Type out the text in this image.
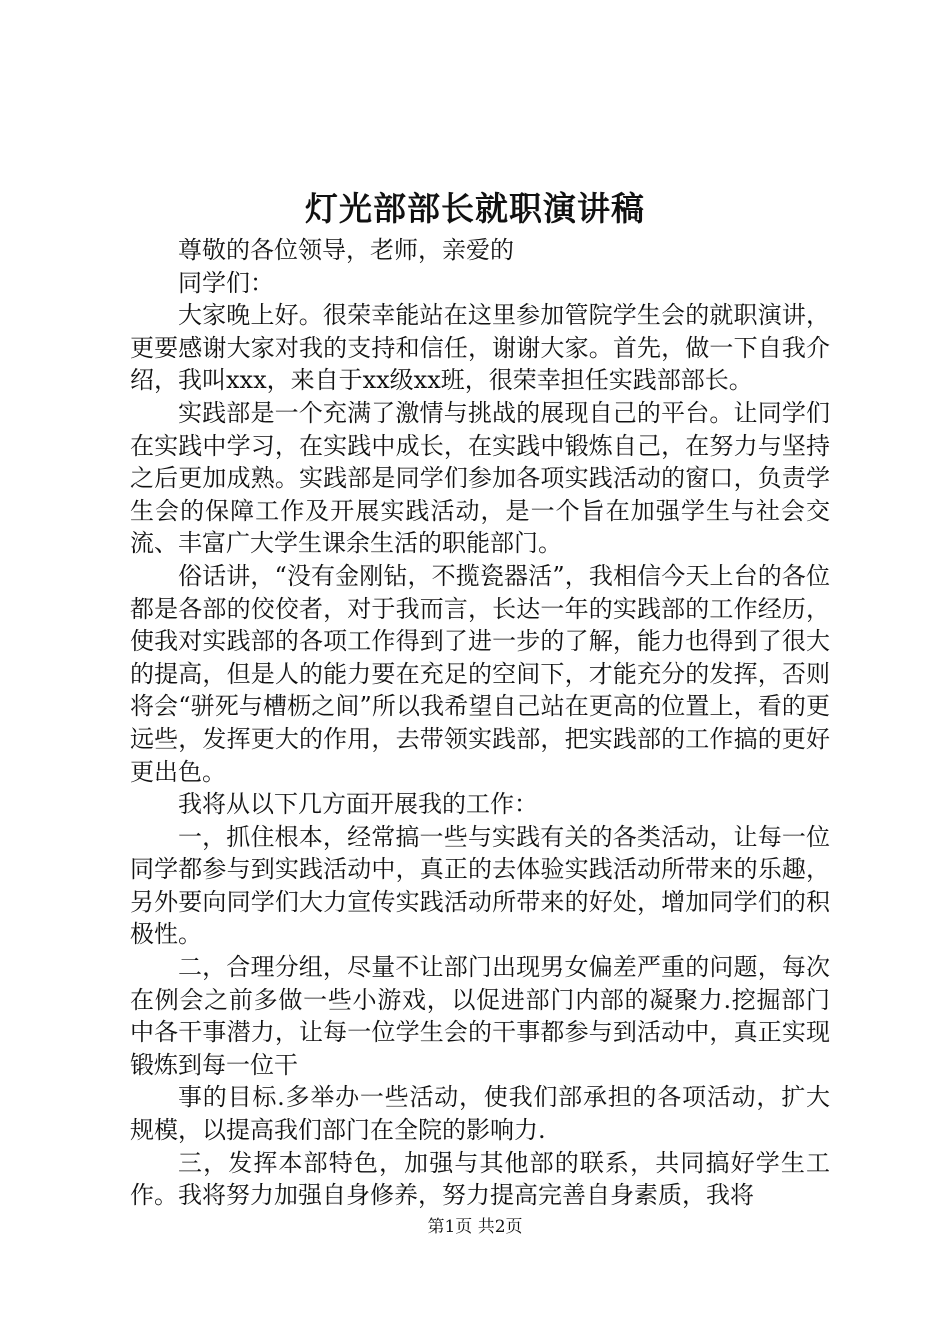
灯光部部长就职演讲稿

尊敬的各位领导，老师，亲爱的

同学们：

大家晚上好。很荣幸能站在这里参加管院学生会的就职演讲，更要感谢大家对我的支持和信任，谢谢大家。首先，做一下自我介绍，我叫xxx，来自于xx级xx班，很荣幸担任实践部部长。

实践部是一个充满了激情与挑战的展现自己的平台。让同学们在实践中学习，在实践中成长，在实践中锻炼自己，在努力与坚持之后更加成熟。实践部是同学们参加各项实践活动的窗口，负责学生会的保障工作及开展实践活动，是一个旨在加强学生与社会交流、丰富广大学生课余生活的职能部门。

俗话讲，“没有金刚钻，不揽瓷器活”，我相信今天上台的各位都是各部的佼佼者，对于我而言，长达一年的实践部的工作经历，使我对实践部的各项工作得到了进一步的了解，能力也得到了很大的提高，但是人的能力要在充足的空间下，才能充分的发挥，否则将会“骈死与槽枥之间”所以我希望自己站在更高的位置上，看的更远些，发挥更大的作用，去带领实践部，把实践部的工作搞的更好更出色。

我将从以下几方面开展我的工作：

一，抓住根本，经常搞一些与实践有关的各类活动，让每一位同学都参与到实践活动中，真正的去体验实践活动所带来的乐趣，另外要向同学们大力宣传实践活动所带来的好处，增加同学们的积极性。

二，合理分组，尽量不让部门出现男女偏差严重的问题，每次在例会之前多做一些小游戏，以促进部门内部的凝聚力.挖掘部门中各干事潜力，让每一位学生会的干事都参与到活动中，真正实现锻炼到每一位干

事的目标.多举办一些活动，使我们部承担的各项活动，扩大规模，以提高我们部门在全院的影响力.

三，发挥本部特色，加强与其他部的联系，共同搞好学生工作。我将努力加强自身修养，努力提高完善自身素质，我将

第1页 共2页
